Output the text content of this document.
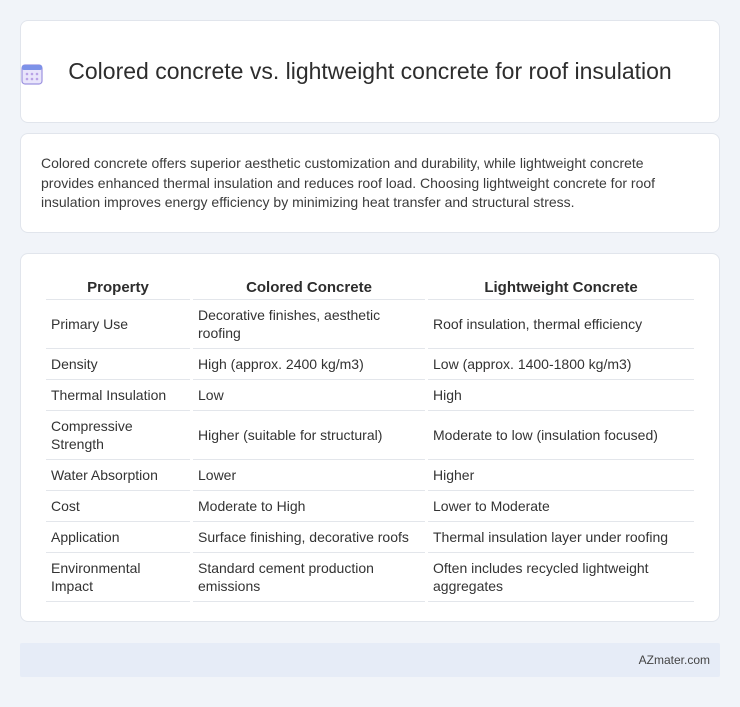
Colored concrete vs. lightweight concrete for roof insulation

Colored concrete offers superior aesthetic customization and durability, while lightweight concrete provides enhanced thermal insulation and reduces roof load. Choosing lightweight concrete for roof insulation improves energy efficiency by minimizing heat transfer and structural stress.

Property	Colored Concrete	Lightweight Concrete
Primary Use	Decorative finishes, aesthetic roofing	Roof insulation, thermal efficiency
Density	High (approx. 2400 kg/m3)	Low (approx. 1400-1800 kg/m3)
Thermal Insulation	Low	High
Compressive Strength	Higher (suitable for structural)	Moderate to low (insulation focused)
Water Absorption	Lower	Higher
Cost	Moderate to High	Lower to Moderate
Application	Surface finishing, decorative roofs	Thermal insulation layer under roofing
Environmental Impact	Standard cement production emissions	Often includes recycled lightweight aggregates
AZmater.com
